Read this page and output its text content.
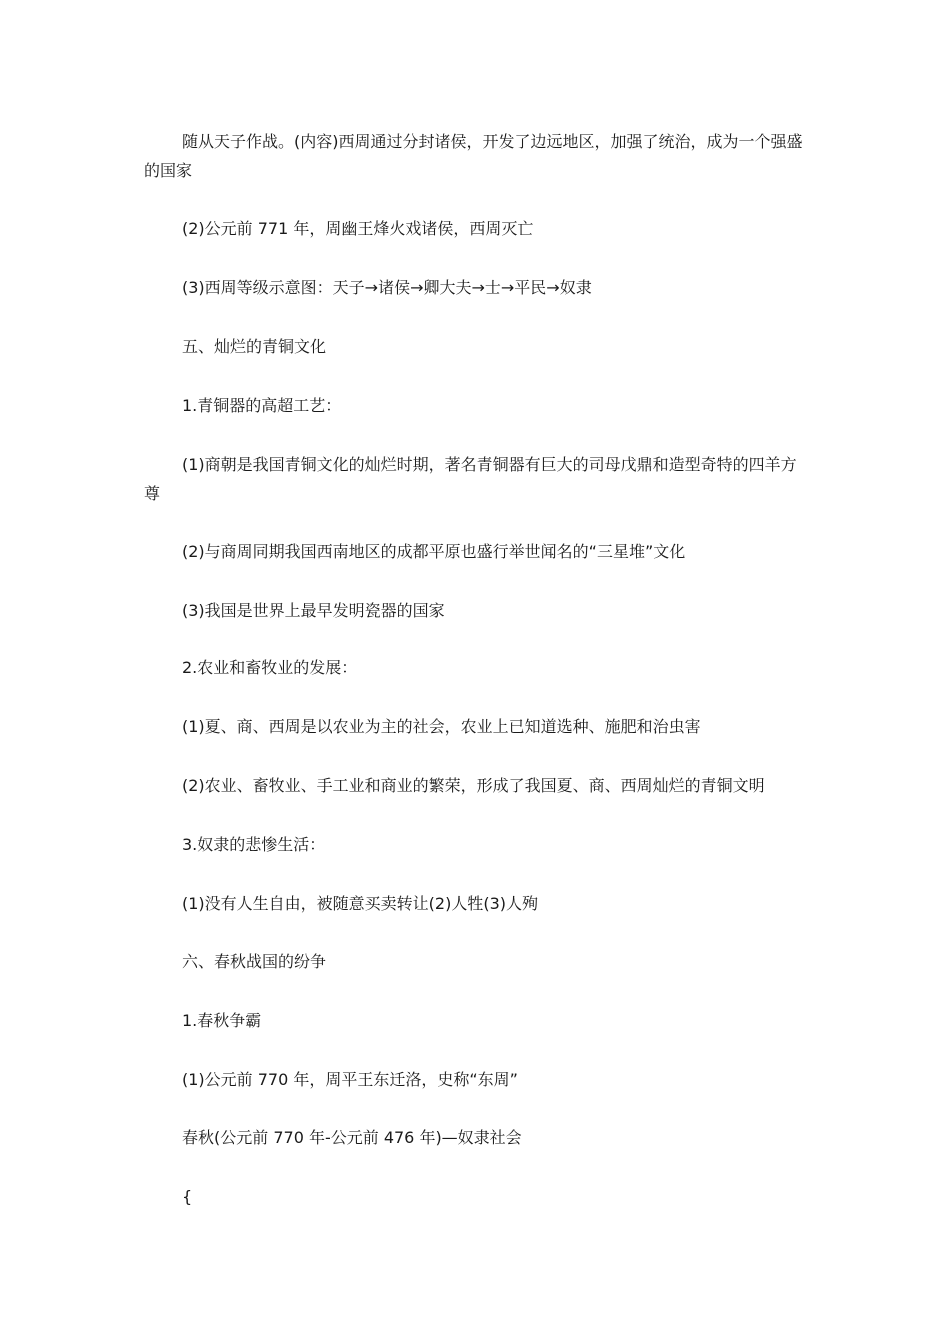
随从天子作战。(内容)西周通过分封诸侯，开发了边远地区，加强了统治，成为一个强盛的国家

(2)公元前 771 年，周幽王烽火戏诸侯，西周灭亡

(3)西周等级示意图：天子→诸侯→卿大夫→士→平民→奴隶

五、灿烂的青铜文化

1.青铜器的高超工艺：

(1)商朝是我国青铜文化的灿烂时期，著名青铜器有巨大的司母戊鼎和造型奇特的四羊方尊

(2)与商周同期我国西南地区的成都平原也盛行举世闻名的“三星堆”文化

(3)我国是世界上最早发明瓷器的国家

2.农业和畜牧业的发展：

(1)夏、商、西周是以农业为主的社会，农业上已知道选种、施肥和治虫害

(2)农业、畜牧业、手工业和商业的繁荣，形成了我国夏、商、西周灿烂的青铜文明

3.奴隶的悲惨生活：

(1)没有人生自由，被随意买卖转让(2)人牲(3)人殉

六、春秋战国的纷争

1.春秋争霸

(1)公元前 770 年，周平王东迁洛，史称“东周”

春秋(公元前 770 年-公元前 476 年)—奴隶社会

{
